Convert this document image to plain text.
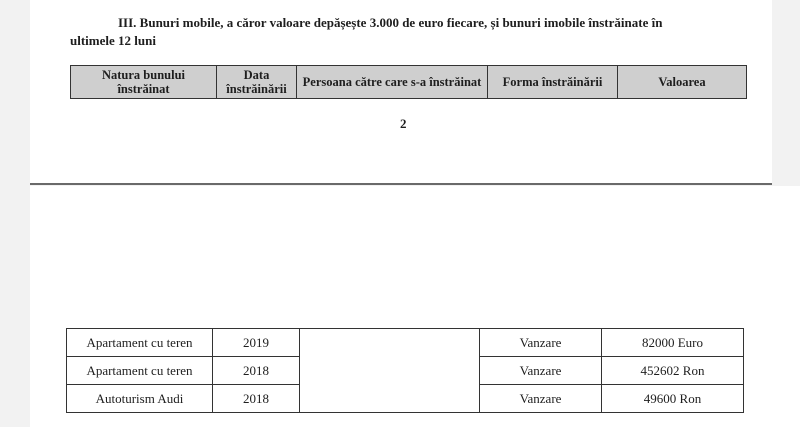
III. Bunuri mobile, a căror valoare depășește 3.000 de euro fiecare, și bunuri imobile înstrăinate în
ultimele 12 luni
Natura bunului înstrăinat	Data înstrăinării	Persoana către care s-a înstrăinat	Forma înstrăinării	Valoarea
2
Apartament cu teren	2019		Vanzare	82000 Euro
Apartament cu teren	2018		Vanzare	452602 Ron
Autoturism Audi	2018		Vanzare	49600 Ron
